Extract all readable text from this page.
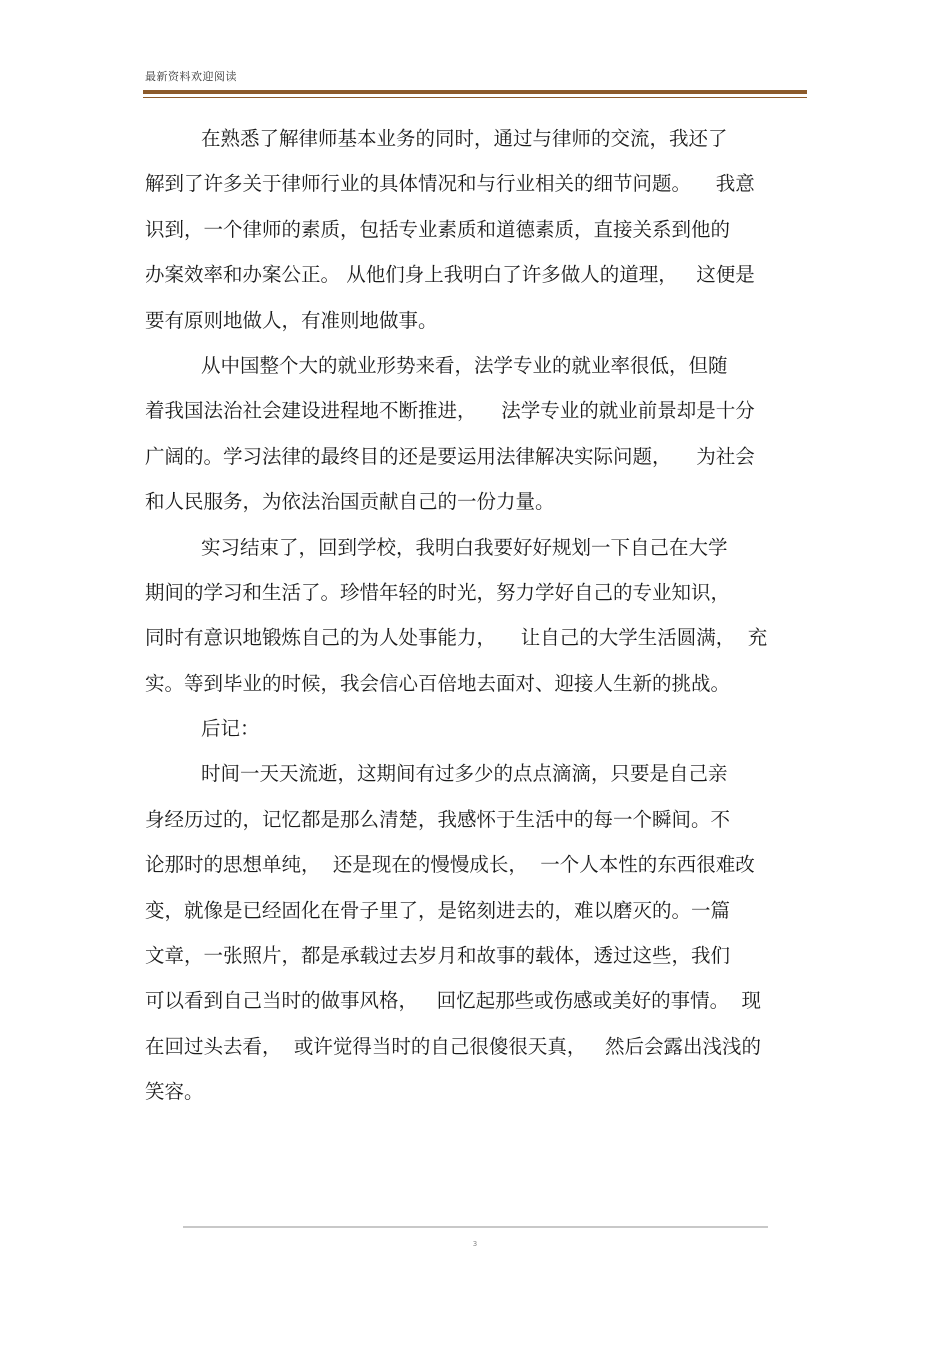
最新资料欢迎阅读
在熟悉了解律师基本业务的同时，通过与律师的交流，我还了
解到了许多关于律师行业的具体情况和与行业相关的细节问题。    我意
识到，一个律师的素质，包括专业素质和道德素质，直接关系到他的
办案效率和办案公正。 从他们身上我明白了许多做人的道理，   这便是
要有原则地做人，有准则地做事。
从中国整个大的就业形势来看，法学专业的就业率很低，但随
着我国法治社会建设进程地不断推进，    法学专业的就业前景却是十分
广阔的。学习法律的最终目的还是要运用法律解决实际问题，    为社会
和人民服务，为依法治国贡献自己的一份力量。
实习结束了，回到学校，我明白我要好好规划一下自己在大学
期间的学习和生活了。珍惜年轻的时光，努力学好自己的专业知识，
同时有意识地锻炼自己的为人处事能力，    让自己的大学生活圆满，  充
实。等到毕业的时候，我会信心百倍地去面对、迎接人生新的挑战。
后记：
时间一天天流逝，这期间有过多少的点点滴滴，只要是自己亲
身经历过的，记忆都是那么清楚，我感怀于生活中的每一个瞬间。不
论那时的思想单纯，  还是现在的慢慢成长，  一个人本性的东西很难改
变，就像是已经固化在骨子里了，是铭刻进去的，难以磨灭的。一篇
文章，一张照片，都是承载过去岁月和故事的载体，透过这些，我们
可以看到自己当时的做事风格，   回忆起那些或伤感或美好的事情。  现
在回过头去看，  或许觉得当时的自己很傻很天真，   然后会露出浅浅的
笑容。
3
